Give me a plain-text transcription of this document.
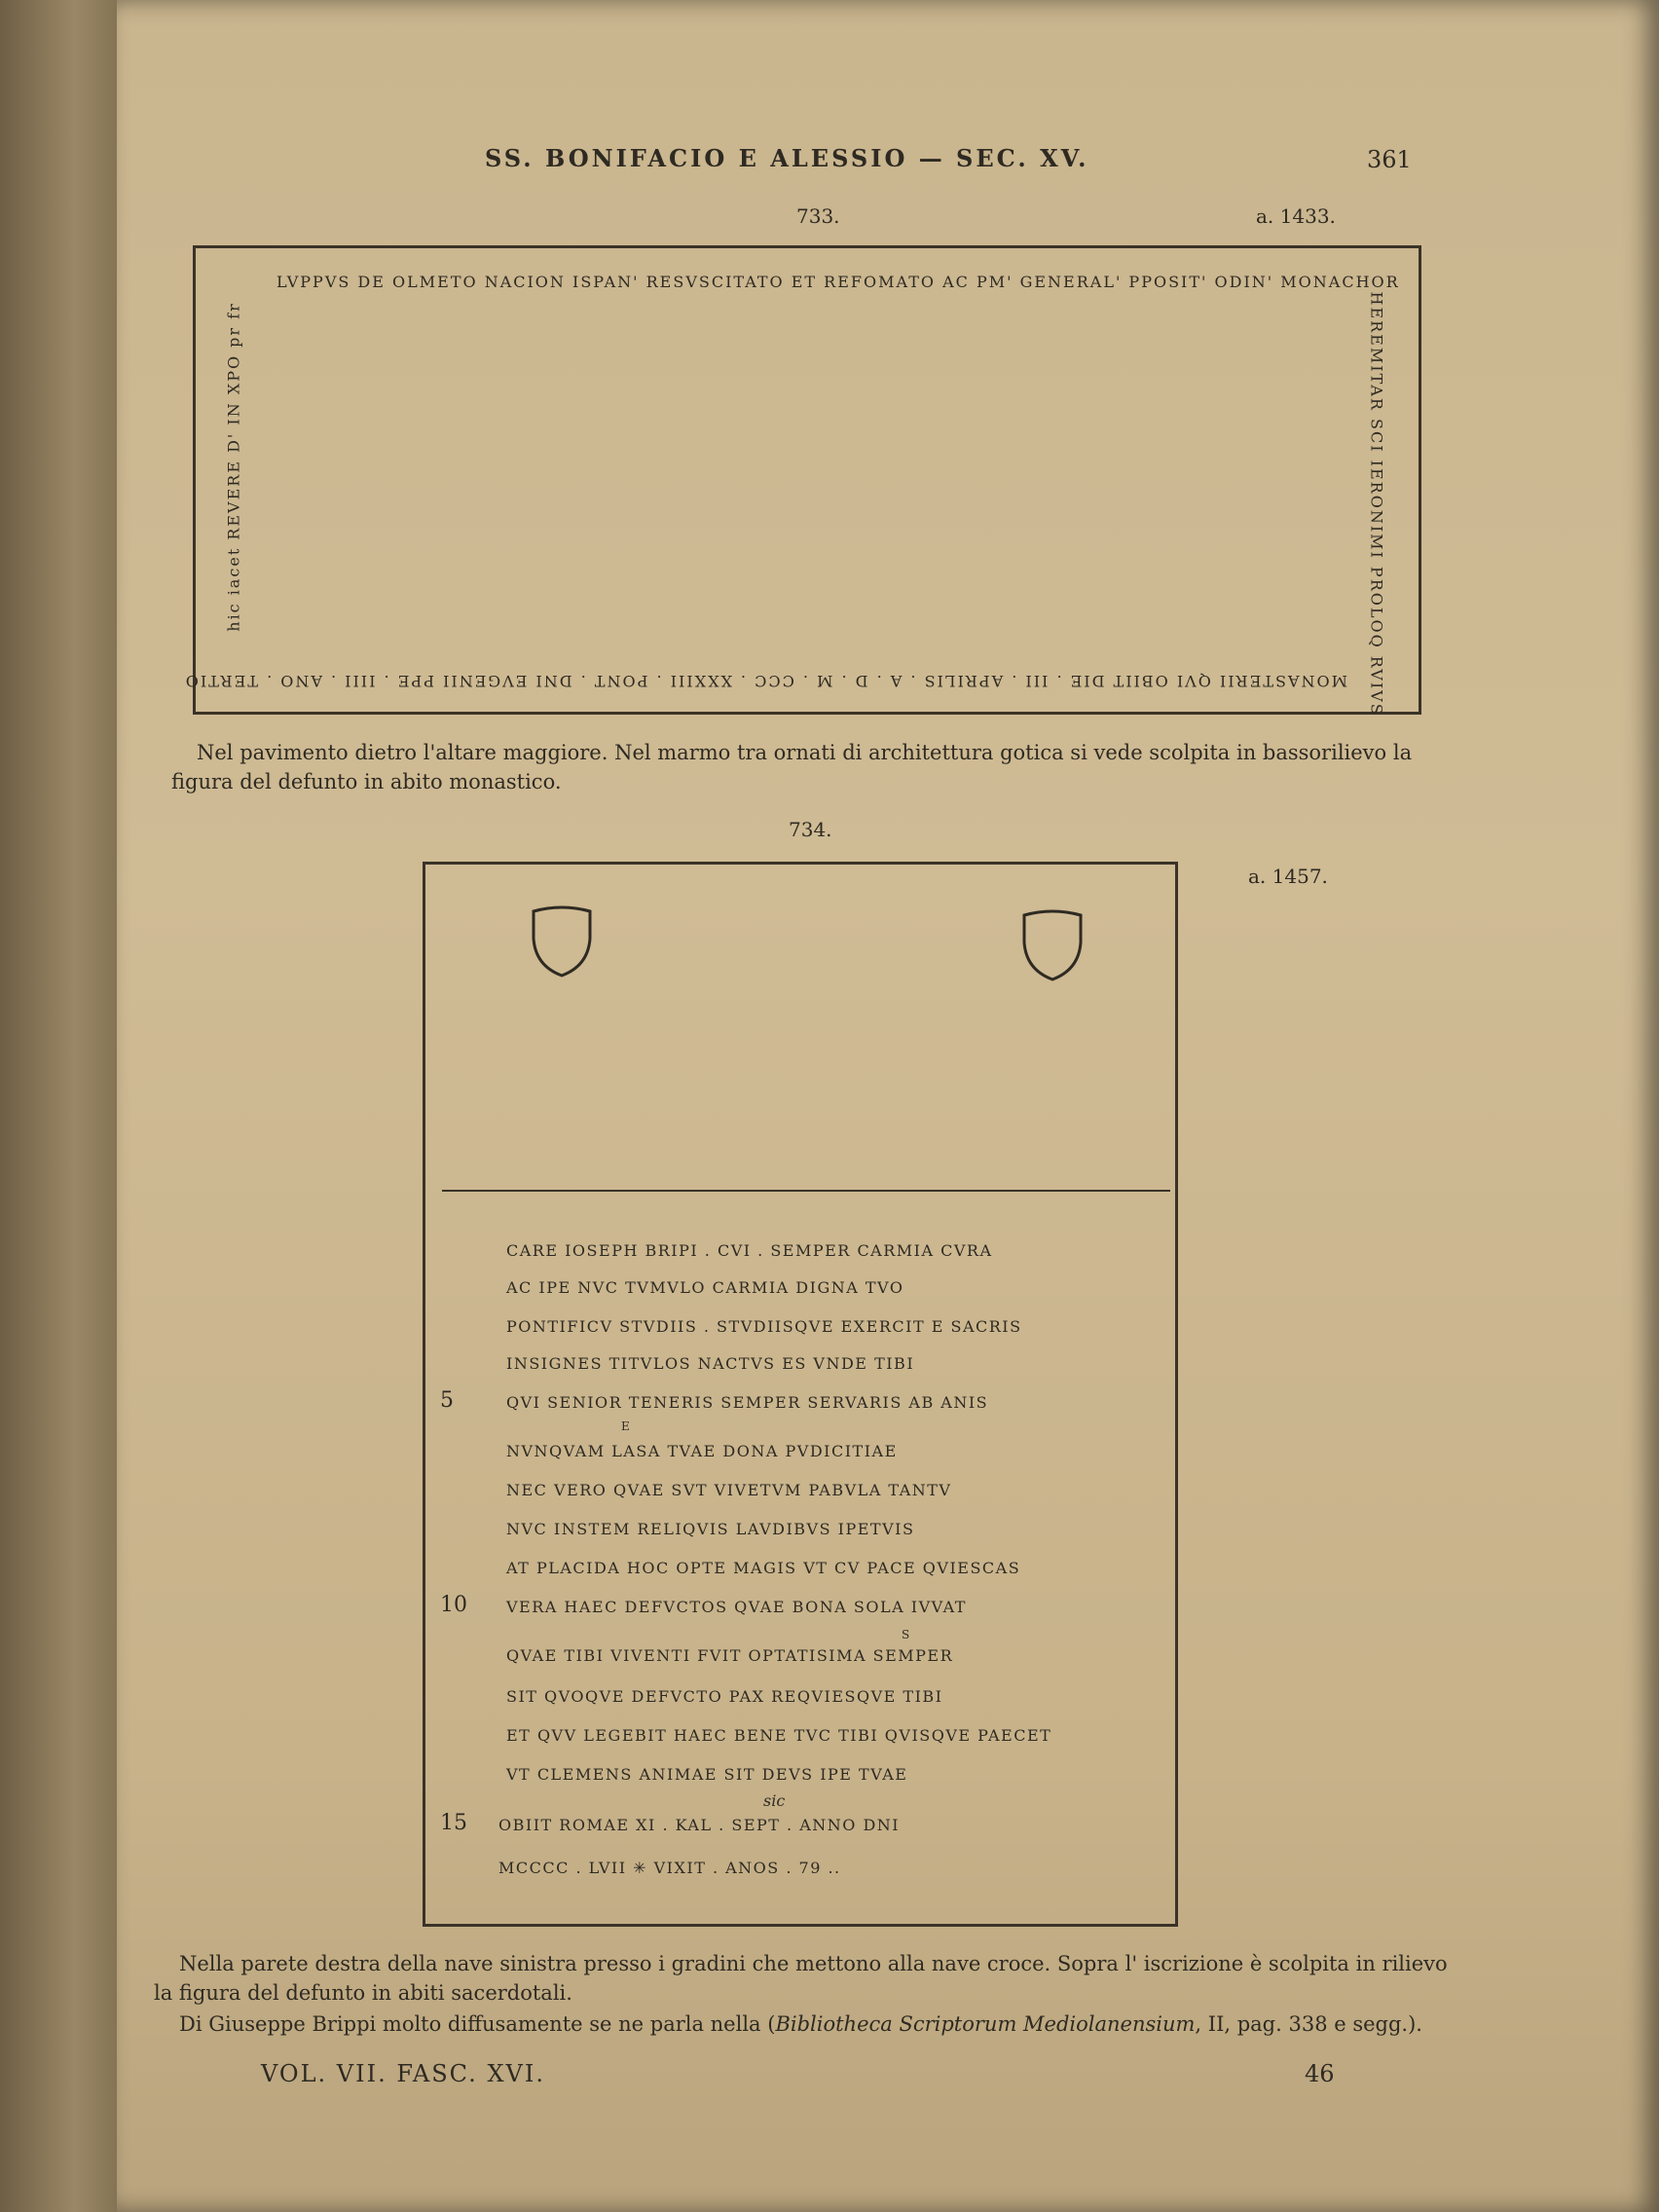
SS. BONIFACIO E ALESSIO — SEC. XV.	361
733.	a. 1433.
LVPPVS DE OLMETO NACION ISPAN' RESVSCITATO ET REFOMATO AC PM' GENERAL' PPOSIT' ODIN' MONACHOR
MONASTERII QVI OBIIT DIE . III . APRILIS . A . D . M . CCC . XXXIII . PONT . DNI EVGENII PPE . IIII . ANO . TERTIO
hic iacet REVERE D' IN XPO pr fr	HEREMITAR SCI IERONIMI PROLOQ RVIVS
Nel pavimento dietro l'altare maggiore. Nel marmo tra ornati di architettura gotica si vede scolpita in bassorilievo la figura del defunto in abito monastico.
734.
a. 1457.
CARE IOSEPH BRIPI . CVI . SEMPER CARMIA CVRA
AC IPE NVC TVMVLO CARMIA DIGNA TVO
PONTIFICV STVDIIS . STVDIISQVE EXERCIT E SACRIS
INSIGNES TITVLOS NACTVS ES VNDE TIBI
5	QVI SENIOR TENERIS SEMPER SERVARIS AB ANIS
E
NVNQVAM LASA TVAE DONA PVDICITIAE
NEC VERO QVAE SVT VIVETVM PABVLA TANTV
NVC INSTEM RELIQVIS LAVDIBVS IPETVIS
AT PLACIDA HOC OPTE MAGIS VT CV PACE QVIESCAS
10	VERA HAEC DEFVCTOS QVAE BONA SOLA IVVAT
S
QVAE TIBI VIVENTI FVIT OPTATISIMA SEMPER
SIT QVOQVE DEFVCTO PAX REQVIESQVE TIBI
ET QVV LEGEBIT HAEC BENE TVC TIBI QVISQVE PAECET
VT CLEMENS ANIMAE SIT DEVS IPE TVAE
sic
15 OBIIT ROMAE XI . KAL . SEPT . ANNO DNI
MCCCC . LVII ✳ VIXIT . ANOS . 79 ..
Nella parete destra della nave sinistra presso i gradini che mettono alla nave croce. Sopra l' iscrizione è scolpita in rilievo la figura del defunto in abiti sacerdotali.
Di Giuseppe Brippi molto diffusamente se ne parla nella (Bibliotheca Scriptorum Mediolanensium, II, pag. 338 e segg.).
VOL. VII. FASC. XVI.	46
